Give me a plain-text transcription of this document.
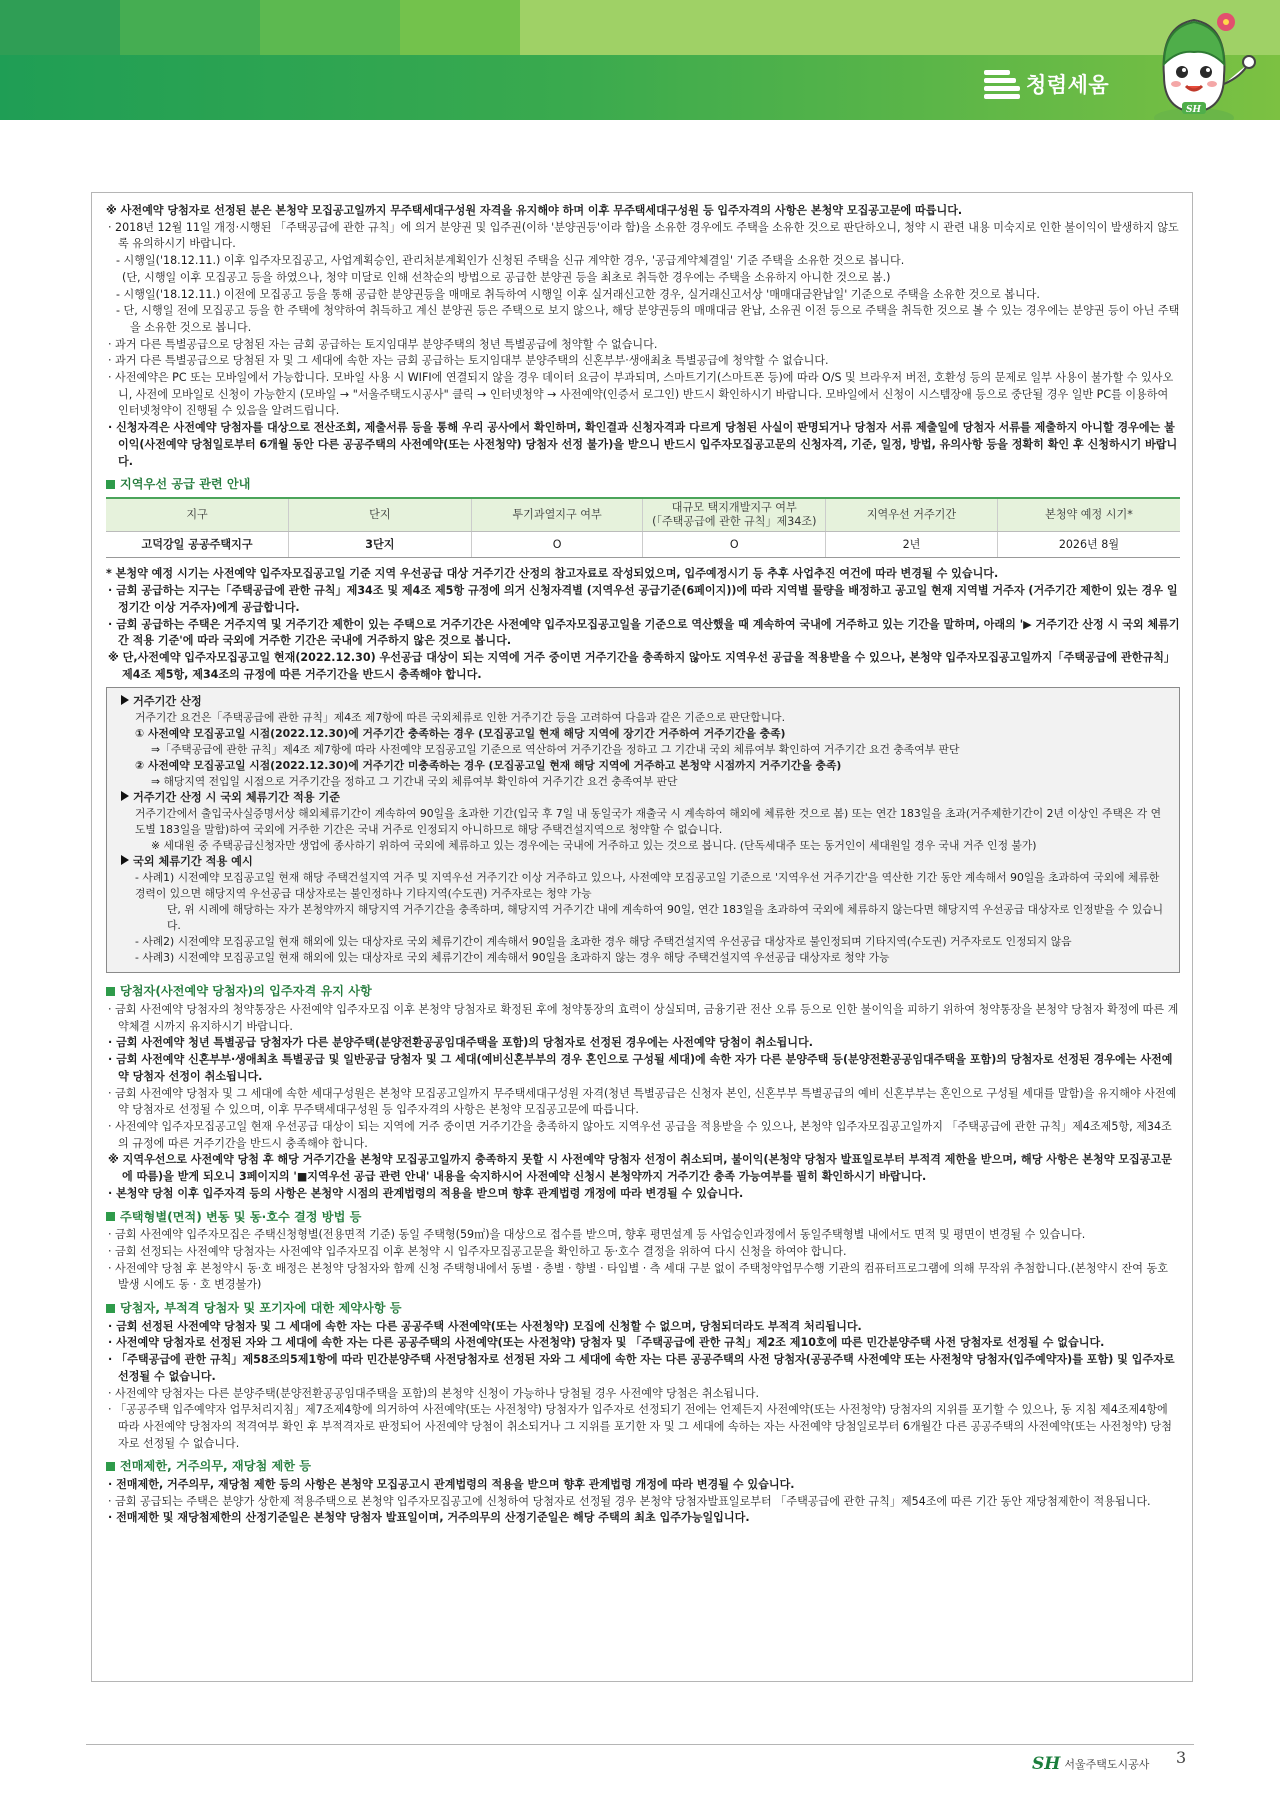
청렴세움
SH

※ 사전예약 당첨자로 선정된 분은 본청약 모집공고일까지 무주택세대구성원 자격을 유지해야 하며 이후 무주택세대구성원 등 입주자격의 사항은 본청약 모집공고문에 따릅니다.

· 2018년 12월 11일 개정·시행된 「주택공급에 관한 규칙」에 의거 분양권 및 입주권(이하 '분양권등'이라 함)을 소유한 경우에도 주택을 소유한 것으로 판단하오니, 청약 시 관련 내용 미숙지로 인한 불이익이 발생하지 않도록 유의하시기 바랍니다.

- 시행일('18.12.11.) 이후 입주자모집공고, 사업계획승인, 관리처분계획인가 신청된 주택을 신규 계약한 경우, '공급계약체결일' 기준 주택을 소유한 것으로 봅니다.

(단, 시행일 이후 모집공고 등을 하였으나, 청약 미달로 인해 선착순의 방법으로 공급한 분양권 등을 최초로 취득한 경우에는 주택을 소유하지 아니한 것으로 봄.)

- 시행일('18.12.11.) 이전에 모집공고 등을 통해 공급한 분양권등을 매매로 취득하여 시행일 이후 실거래신고한 경우, 실거래신고서상 '매매대금완납일' 기준으로 주택을 소유한 것으로 봅니다.

- 단, 시행일 전에 모집공고 등을 한 주택에 청약하여 취득하고 계신 분양권 등은 주택으로 보지 않으나, 해당 분양권등의 매매대금 완납, 소유권 이전 등으로 주택을 취득한 것으로 볼 수 있는 경우에는 분양권 등이 아닌 주택을 소유한 것으로 봅니다.

· 과거 다른 특별공급으로 당첨된 자는 금회 공급하는 토지임대부 분양주택의 청년 특별공급에 청약할 수 없습니다.

· 과거 다른 특별공급으로 당첨된 자 및 그 세대에 속한 자는 금회 공급하는 토지임대부 분양주택의 신혼부부·생애최초 특별공급에 청약할 수 없습니다.

· 사전예약은 PC 또는 모바일에서 가능합니다. 모바일 사용 시 WIFI에 연결되지 않을 경우 데이터 요금이 부과되며, 스마트기기(스마트폰 등)에 따라 O/S 및 브라우저 버전, 호환성 등의 문제로 일부 사용이 불가할 수 있사오니, 사전에 모바일로 신청이 가능한지 (모바일 → "서울주택도시공사" 클릭 → 인터넷청약 → 사전예약(인증서 로그인) 반드시 확인하시기 바랍니다. 모바일에서 신청이 시스템장애 등으로 중단될 경우 일반 PC를 이용하여 인터넷청약이 진행될 수 있음을 알려드립니다.

· 신청자격은 사전예약 당첨자를 대상으로 전산조회, 제출서류 등을 통해 우리 공사에서 확인하며, 확인결과 신청자격과 다르게 당첨된 사실이 판명되거나 당첨자 서류 제출일에 당첨자 서류를 제출하지 아니할 경우에는 불이익(사전예약 당첨일로부터 6개월 동안 다른 공공주택의 사전예약(또는 사전청약) 당첨자 선정 불가)을 받으니 반드시 입주자모집공고문의 신청자격, 기준, 일정, 방법, 유의사항 등을 정확히 확인 후 신청하시기 바랍니다.

지역우선 공급 관련 안내
지구	단지	투기과열지구 여부	대규모 택지개발지구 여부
(「주택공급에 관한 규칙」제34조)	지역우선 거주기간	본청약 예정 시기*
고덕강일 공공주택지구	3단지	O	O	2년	2026년 8월

* 본청약 예정 시기는 사전예약 입주자모집공고일 기준 지역 우선공급 대상 거주기간 산정의 참고자료로 작성되었으며, 입주예정시기 등 추후 사업추진 여건에 따라 변경될 수 있습니다.

· 금회 공급하는 지구는「주택공급에 관한 규칙」제34조 및 제4조 제5항 규정에 의거 신청자격별 (지역우선 공급기준(6페이지))에 따라 지역별 물량을 배정하고 공고일 현재 지역별 거주자 (거주기간 제한이 있는 경우 일정기간 이상 거주자)에게 공급합니다.

· 금회 공급하는 주택은 거주지역 및 거주기간 제한이 있는 주택으로 거주기간은 사전예약 입주자모집공고일을 기준으로 역산했을 때 계속하여 국내에 거주하고 있는 기간을 말하며, 아래의 '▶ 거주기간 산정 시 국외 체류기간 적용 기준'에 따라 국외에 거주한 기간은 국내에 거주하지 않은 것으로 봅니다.

※ 단,사전예약 입주자모집공고일 현재(2022.12.30) 우선공급 대상이 되는 지역에 거주 중이면 거주기간을 충족하지 않아도 지역우선 공급을 적용받을 수 있으나, 본청약 입주자모집공고일까지「주택공급에 관한규칙」제4조 제5항, 제34조의 규정에 따른 거주기간을 반드시 충족해야 합니다.

거주기간 산정

거주기간 요건은「주택공급에 관한 규칙」제4조 제7항에 따른 국외체류로 인한 거주기간 등을 고려하여 다음과 같은 기준으로 판단합니다.

① 사전예약 모집공고일 시점(2022.12.30)에 거주기간 충족하는 경우 (모집공고일 현재 해당 지역에 장기간 거주하여 거주기간을 충족)

⇒「주택공급에 관한 규칙」제4조 제7항에 따라 사전예약 모집공고일 기준으로 역산하여 거주기간을 정하고 그 기간내 국외 체류여부 확인하여 거주기간 요건 충족여부 판단

② 사전예약 모집공고일 시점(2022.12.30)에 거주기간 미충족하는 경우 (모집공고일 현재 해당 지역에 거주하고 본청약 시점까지 거주기간을 충족)

⇒ 해당지역 전입일 시점으로 거주기간을 정하고 그 기간내 국외 체류여부 확인하여 거주기간 요건 충족여부 판단

거주기간 산정 시 국외 체류기간 적용 기준

거주기간에서 출입국사실증명서상 해외체류기간이 계속하여 90일을 초과한 기간(입국 후 7일 내 동일국가 재출국 시 계속하여 해외에 체류한 것으로 봄) 또는 연간 183일을 초과(거주제한기간이 2년 이상인 주택은 각 연도별 183일을 말함)하여 국외에 거주한 기간은 국내 거주로 인정되지 아니하므로 해당 주택건설지역으로 청약할 수 없습니다.

※ 세대원 중 주택공급신청자만 생업에 종사하기 위하여 국외에 체류하고 있는 경우에는 국내에 거주하고 있는 것으로 봅니다. (단독세대주 또는 동거인이 세대원일 경우 국내 거주 인정 불가)

국외 체류기간 적용 예시

- 사례1) 시전예약 모집공고일 현재 해당 주택건설지역 거주 및 지역우선 거주기간 이상 거주하고 있으나, 사전예약 모집공고일 기준으로 '지역우선 거주기간'을 역산한 기간 동안 계속해서 90일을 초과하여 국외에 체류한 경력이 있으면 해당지역 우선공급 대상자로는 불인정하나 기타지역(수도권) 거주자로는 청약 가능

단, 위 시례에 해당하는 자가 본청약까지 해당지역 거주기간을 충족하며, 해당지역 거주기간 내에 계속하여 90일, 연간 183일을 초과하여 국외에 체류하지 않는다면 해당지역 우선공급 대상자로 인정받을 수 있습니다.

- 사례2) 시전예약 모집공고일 현재 해외에 있는 대상자로 국외 체류기간이 계속해서 90일을 초과한 경우 해당 주택건설지역 우선공급 대상자로 불인정되며 기타지역(수도권) 거주자로도 인정되지 않음

- 사례3) 시전예약 모집공고일 현재 해외에 있는 대상자로 국외 체류기간이 계속해서 90일을 초과하지 않는 경우 해당 주택건설지역 우선공급 대상자로 청약 가능

당첨자(사전예약 당첨자)의 입주자격 유지 사항

· 금회 사전예약 당첨자의 청약통장은 사전예약 입주자모집 이후 본청약 당첨자로 확정된 후에 청약통장의 효력이 상실되며, 금융기관 전산 오류 등으로 인한 불이익을 피하기 위하여 청약통장을 본청약 당첨자 확정에 따른 계약체결 시까지 유지하시기 바랍니다.

· 금회 사전예약 청년 특별공급 당첨자가 다른 분양주택(분양전환공공임대주택을 포함)의 당첨자로 선정된 경우에는 사전예약 당첨이 취소됩니다.

· 금회 사전예약 신혼부부·생애최초 특별공급 및 일반공급 당첨자 및 그 세대(예비신혼부부의 경우 혼인으로 구성될 세대)에 속한 자가 다른 분양주택 등(분양전환공공임대주택을 포함)의 당첨자로 선정된 경우에는 사전예약 당첨자 선정이 취소됩니다.

· 금회 사전예약 당첨자 및 그 세대에 속한 세대구성원은 본청약 모집공고일까지 무주택세대구성원 자격(청년 특별공급은 신청자 본인, 신혼부부 특별공급의 예비 신혼부부는 혼인으로 구성될 세대를 말함)을 유지해야 사전예약 당첨자로 선정될 수 있으며, 이후 무주택세대구성원 등 입주자격의 사항은 본청약 모집공고문에 따릅니다.

· 사전예약 입주자모집공고일 현재 우선공급 대상이 되는 지역에 거주 중이면 거주기간을 충족하지 않아도 지역우선 공급을 적용받을 수 있으나, 본청약 입주자모집공고일까지 「주택공급에 관한 규칙」제4조제5항, 제34조의 규정에 따른 거주기간을 반드시 충족해야 합니다.

※ 지역우선으로 사전예약 당첨 후 해당 거주기간을 본청약 모집공고일까지 충족하지 못할 시 사전예약 당첨자 선정이 취소되며, 불이익(본청약 당첨자 발표일로부터 부적격 제한을 받으며, 해당 사항은 본청약 모집공고문에 따름)을 받게 되오니 3페이지의 '■지역우선 공급 관련 안내' 내용을 숙지하시어 사전예약 신청시 본청약까지 거주기간 충족 가능여부를 필히 확인하시기 바랍니다.

· 본청약 당첨 이후 입주자격 등의 사항은 본청약 시점의 관계법령의 적용을 받으며 향후 관계법령 개정에 따라 변경될 수 있습니다.

주택형별(면적) 변동 및 동·호수 결정 방법 등

· 금회 사전예약 입주자모집은 주택신청형별(전용면적 기준) 동일 주택형(59㎡)을 대상으로 접수를 받으며, 향후 평면설계 등 사업승인과정에서 동일주택형별 내에서도 면적 및 평면이 변경될 수 있습니다.

· 금회 선정되는 사전예약 당첨자는 사전예약 입주자모집 이후 본청약 시 입주자모집공고문을 확인하고 동·호수 결정을 위하여 다시 신청을 하여야 합니다.

· 사전예약 당첨 후 본청약시 동·호 배정은 본청약 당첨자와 함께 신청 주택형내에서 동별 · 층별 · 향별 · 타입별 · 측 세대 구분 없이 주택청약업무수행 기관의 컴퓨터프로그램에 의해 무작위 추첨합니다.(본청약시 잔여 동호 발생 시에도 동 · 호 변경불가)

당첨자, 부적격 당첨자 및 포기자에 대한 제약사항 등

· 금회 선정된 사전예약 당첨자 및 그 세대에 속한 자는 다른 공공주택 사전예약(또는 사전청약) 모집에 신청할 수 없으며, 당첨되더라도 부적격 처리됩니다.

· 사전예약 당첨자로 선정된 자와 그 세대에 속한 자는 다른 공공주택의 사전예약(또는 사전청약) 당첨자 및 「주택공급에 관한 규칙」제2조 제10호에 따른 민간분양주택 사전 당첨자로 선정될 수 없습니다.

· 「주택공급에 관한 규칙」제58조의5제1항에 따라 민간분양주택 사전당첨자로 선정된 자와 그 세대에 속한 자는 다른 공공주택의 사전 당첨자(공공주택 사전예약 또는 사전청약 당첨자(입주예약자)를 포함) 및 입주자로 선정될 수 없습니다.

· 사전예약 당첨자는 다른 분양주택(분양전환공공임대주택을 포함)의 본청약 신청이 가능하나 당첨될 경우 사전예약 당첨은 취소됩니다.

· 「공공주택 입주예약자 업무처리지침」제7조제4항에 의거하여 사전예약(또는 사전청약) 당첨자가 입주자로 선정되기 전에는 언제든지 사전예약(또는 사전청약) 당첨자의 지위를 포기할 수 있으나, 동 지침 제4조제4항에 따라 사전예약 당첨자의 적격여부 확인 후 부적격자로 판정되어 사전예약 당첨이 취소되거나 그 지위를 포기한 자 및 그 세대에 속하는 자는 사전예약 당첨일로부터 6개월간 다른 공공주택의 사전예약(또는 사전청약) 당첨자로 선정될 수 없습니다.

전매제한, 거주의무, 재당첨 제한 등

· 전매제한, 거주의무, 재당첨 제한 등의 사항은 본청약 모집공고시 관계법령의 적용을 받으며 향후 관계법령 개정에 따라 변경될 수 있습니다.

· 금회 공급되는 주택은 분양가 상한제 적용주택으로 본청약 입주자모집공고에 신청하여 당첨자로 선정될 경우 본청약 당첨자발표일로부터 「주택공급에 관한 규칙」제54조에 따른 기간 동안 재당첨제한이 적용됩니다.

· 전매제한 및 재당첨제한의 산정기준일은 본청약 당첨자 발표일이며, 거주의무의 산정기준일은 해당 주택의 최초 입주가능일입니다.

SH 서울주택도시공사 3
